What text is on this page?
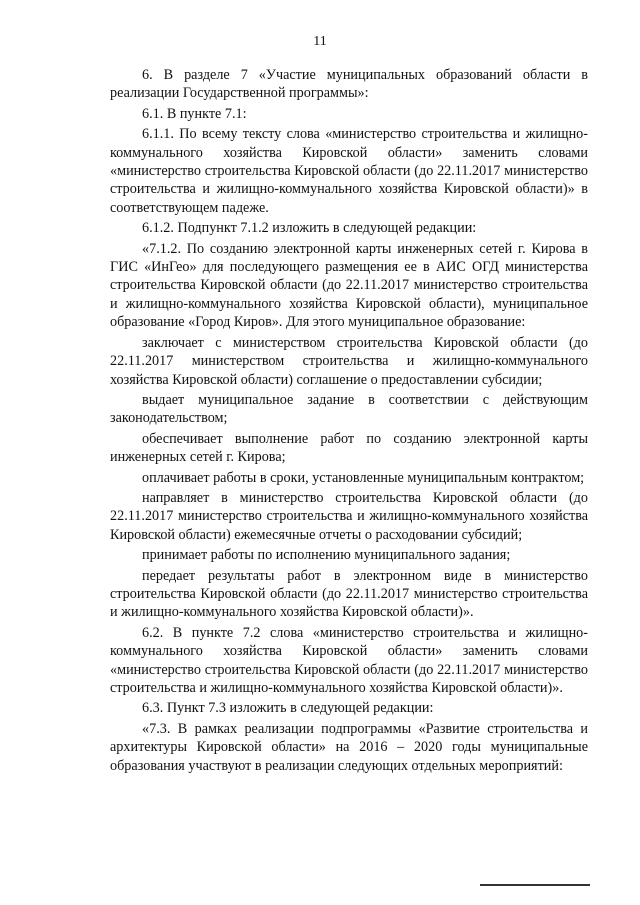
11

6. В разделе 7 «Участие муниципальных образований области в реализации Государственной программы»:

6.1. В пункте 7.1:

6.1.1. По всему тексту слова «министерство строительства и жилищно-коммунального хозяйства Кировской области» заменить словами «министерство строительства Кировской области (до 22.11.2017 министерство строительства и жилищно-коммунального хозяйства Кировской области)» в соответствующем падеже.

6.1.2. Подпункт 7.1.2 изложить в следующей редакции:

«7.1.2. По созданию электронной карты инженерных сетей г. Кирова в ГИС «ИнГео» для последующего размещения ее в АИС ОГД министерства строительства Кировской области (до 22.11.2017 министерство строительства и жилищно-коммунального хозяйства Кировской области), муниципальное образование «Город Киров». Для этого муниципальное образование:

заключает с министерством строительства Кировской области (до 22.11.2017 министерством строительства и жилищно-коммунального хозяйства Кировской области) соглашение о предоставлении субсидии;

выдает муниципальное задание в соответствии с действующим законодательством;

обеспечивает выполнение работ по созданию электронной карты инженерных сетей г. Кирова;

оплачивает работы в сроки, установленные муниципальным контрактом;

направляет в министерство строительства Кировской области (до 22.11.2017 министерство строительства и жилищно-коммунального хозяйства Кировской области) ежемесячные отчеты о расходовании субсидий;

принимает работы по исполнению муниципального задания;

передает результаты работ в электронном виде в министерство строительства Кировской области (до 22.11.2017 министерство строительства и жилищно-коммунального хозяйства Кировской области)».

6.2. В пункте 7.2 слова «министерство строительства и жилищно-коммунального хозяйства Кировской области» заменить словами «министерство строительства Кировской области (до 22.11.2017 министерство строительства и жилищно-коммунального хозяйства Кировской области)».

6.3. Пункт 7.3 изложить в следующей редакции:

«7.3. В рамках реализации подпрограммы «Развитие строительства и архитектуры Кировской области» на 2016 – 2020 годы муниципальные образования участвуют в реализации следующих отдельных мероприятий:
